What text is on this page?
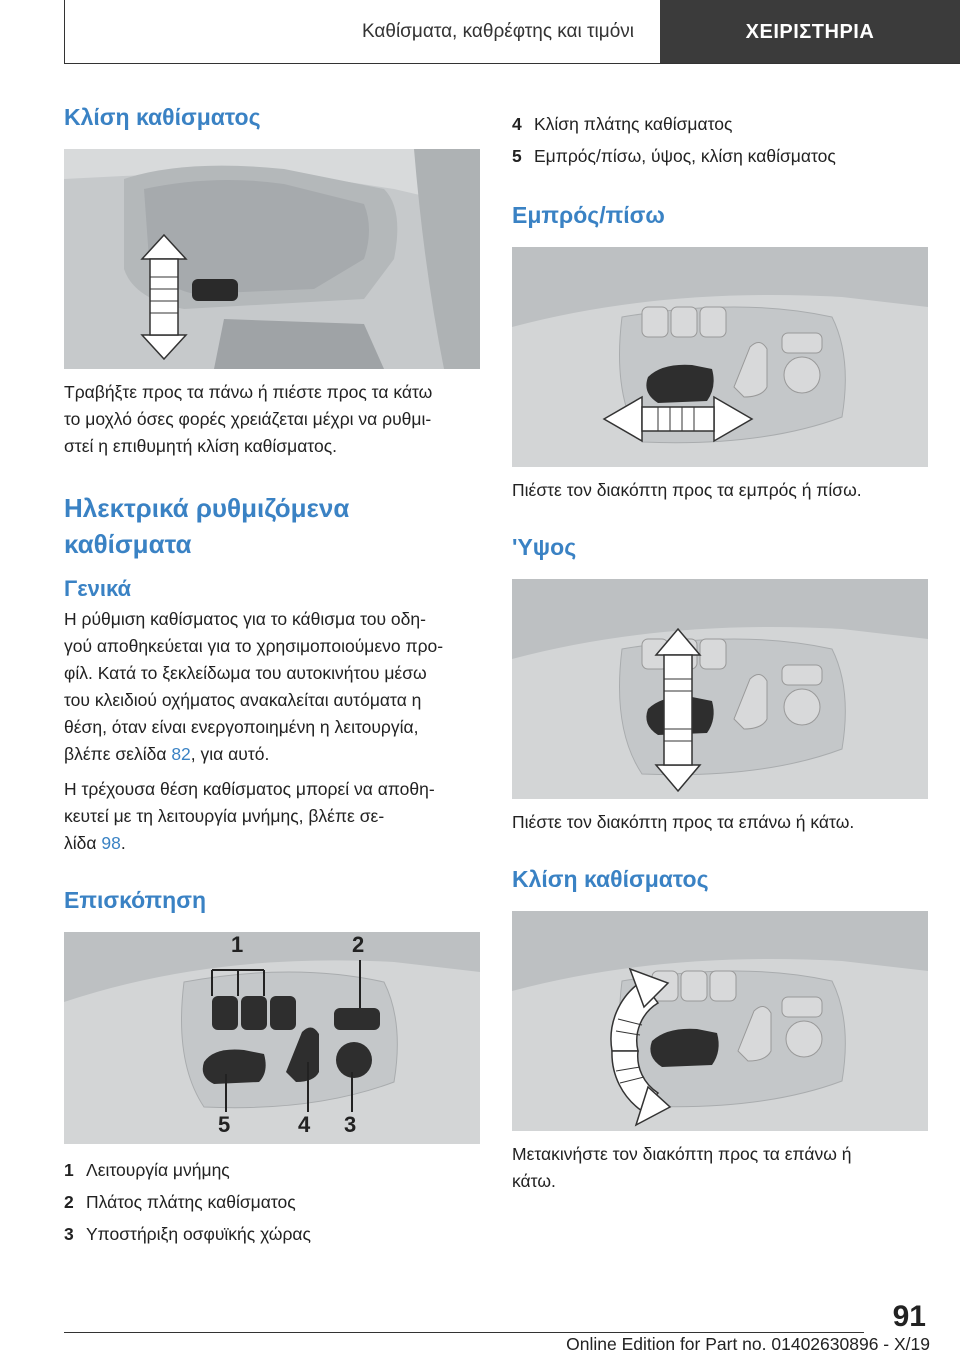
Καθίσματα, καθρέφτης και τιμόνι	ΧΕΙΡΙΣΤΗΡΙΑ
Κλίση καθίσματος

Τραβήξτε προς τα πάνω ή πιέστε προς τα κάτω

το μοχλό όσες φορές χρειάζεται μέχρι να ρυθμι-

στεί η επιθυμητή κλίση καθίσματος.

Ηλεκτρικά ρυθμιζόμενα
καθίσματα
Γενικά

Η ρύθμιση καθίσματος για το κάθισμα του οδη-

γού αποθηκεύεται για το χρησιμοποιούμενο προ-

φίλ. Κατά το ξεκλείδωμα του αυτοκινήτου μέσω

του κλειδιού οχήματος ανακαλείται αυτόματα η

θέση, όταν είναι ενεργοποιημένη η λειτουργία,

βλέπε σελίδα 82, για αυτό.

Η τρέχουσα θέση καθίσματος μπορεί να αποθη-

κευτεί με τη λειτουργία μνήμης, βλέπε σε-

λίδα 98.

Επισκόπηση
1	2
5	4 3
1 Λειτουργία μνήμης
2 Πλάτος πλάτης καθίσματος
3 Υποστήριξη οσφυϊκής χώρας
4 Κλίση πλάτης καθίσματος
5 Εμπρός/πίσω, ύψος, κλίση καθίσματος
Εμπρός/πίσω

Πιέστε τον διακόπτη προς τα εμπρός ή πίσω.

'Υψος

Πιέστε τον διακόπτη προς τα επάνω ή κάτω.

Κλίση καθίσματος

Μετακινήστε τον διακόπτη προς τα επάνω ή

κάτω.

91
Online Edition for Part no. 01402630896 - X/19
